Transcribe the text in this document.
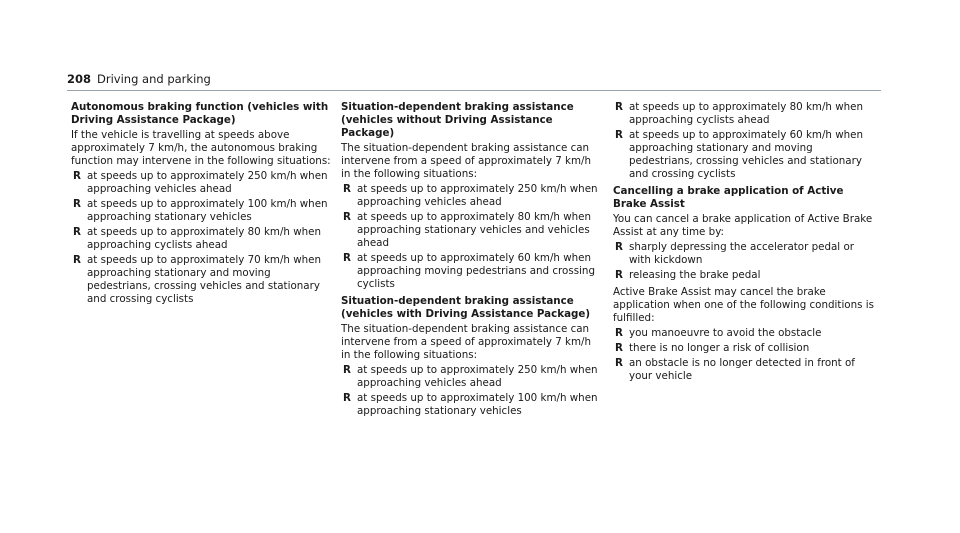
208 Driving and parking
Autonomous braking function (vehicles with Driving Assistance Package)

If the vehicle is travelling at speeds above approximately 7 km/h, the autonomous braking function may intervene in the following situations:

R at speeds up to approximately 250 km/h when approaching vehicles ahead
R at speeds up to approximately 100 km/h when approaching stationary vehicles
R at speeds up to approximately 80 km/h when approaching cyclists ahead
R at speeds up to approximately 70 km/h when approaching stationary and moving pedestrians, crossing vehicles and stationary and crossing cyclists
Situation-dependent braking assistance (vehicles without Driving Assistance Package)

The situation-dependent braking assistance can intervene from a speed of approximately 7 km/h in the following situations:

R at speeds up to approximately 250 km/h when approaching vehicles ahead
R at speeds up to approximately 80 km/h when approaching stationary vehicles and vehicles ahead
R at speeds up to approximately 60 km/h when approaching moving pedestrians and crossing cyclists
Situation-dependent braking assistance (vehicles with Driving Assistance Package)

The situation-dependent braking assistance can intervene from a speed of approximately 7 km/h in the following situations:

R at speeds up to approximately 250 km/h when approaching vehicles ahead
R at speeds up to approximately 100 km/h when approaching stationary vehicles
R at speeds up to approximately 80 km/h when approaching cyclists ahead
R at speeds up to approximately 60 km/h when approaching stationary and moving pedestrians, crossing vehicles and stationary and crossing cyclists
Cancelling a brake application of Active Brake Assist

You can cancel a brake application of Active Brake Assist at any time by:

R sharply depressing the accelerator pedal or with kickdown
R releasing the brake pedal

Active Brake Assist may cancel the brake application when one of the following conditions is fulfilled:

R you manoeuvre to avoid the obstacle
R there is no longer a risk of collision
R an obstacle is no longer detected in front of your vehicle
